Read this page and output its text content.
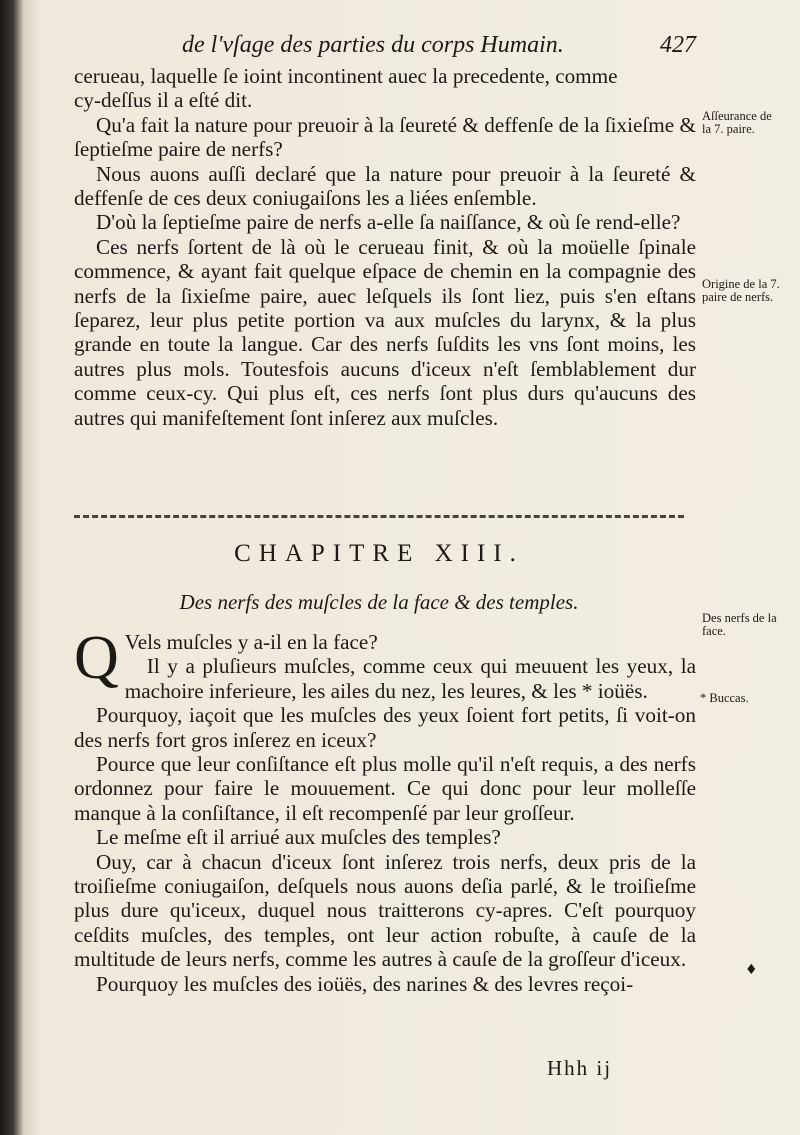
de l'vſage des parties du corps Humain.	427

cerueau, laquelle ſe ioint incontinent auec la precedente, comme

cy-deſſus il a eſté dit.

Qu'a fait la nature pour preuoir à la ſeureté & deffenſe de la ſixieſme & ſeptieſme paire de nerfs?

Nous auons auſſi declaré que la nature pour preuoir à la ſeureté & deffenſe de ces deux coniugaiſons les a liées enſemble.

D'où la ſeptieſme paire de nerfs a-elle ſa naiſſance, & où ſe rend-elle?

Ces nerfs ſortent de là où le cerueau finit, & où la moüelle ſpinale commence, & ayant fait quelque eſpace de chemin en la compagnie des nerfs de la ſixieſme paire, auec leſquels ils ſont liez, puis s'en eſtans ſeparez, leur plus petite portion va aux muſcles du larynx, & la plus grande en toute la langue. Car des nerfs ſuſdits les vns ſont moins, les autres plus mols. Toutesfois aucuns d'iceux n'eſt ſemblablement dur comme ceux-cy. Qui plus eſt, ces nerfs ſont plus durs qu'aucuns des autres qui manifeſtement ſont inſerez aux muſcles.

Aſſeurance de la 7. paire.
Origine de la 7. paire de nerfs.
CHAPITRE XIII.
Des nerfs des muſcles de la face & des temples.
Des nerfs de la face.
* Buccas.

Q Vels muſcles y a-il en la face?

Il y a pluſieurs muſcles, comme ceux qui meuuent les yeux, la machoire inferieure, les ailes du nez, les leures, & les * ioüës.

Pourquoy, iaçoit que les muſcles des yeux ſoient fort petits, ſi voit-on des nerfs fort gros inſerez en iceux?

Pource que leur conſiſtance eſt plus molle qu'il n'eſt requis, a des nerfs ordonnez pour faire le mouuement. Ce qui donc pour leur molleſſe manque à la conſiſtance, il eſt recompenſé par leur groſſeur.

Le meſme eſt il arriué aux muſcles des temples?

Ouy, car à chacun d'iceux ſont inſerez trois nerfs, deux pris de la troiſieſme coniugaiſon, deſquels nous auons deſia parlé, & le troiſieſme plus dure qu'iceux, duquel nous traitterons cy-apres. C'eſt pourquoy ceſdits muſcles, des temples, ont leur action robuſte, à cauſe de la multitude de leurs nerfs, comme les autres à cauſe de la groſſeur d'iceux.

Pourquoy les muſcles des ioüës, des narines & des levres reçoi-

♦
Hhh ij
